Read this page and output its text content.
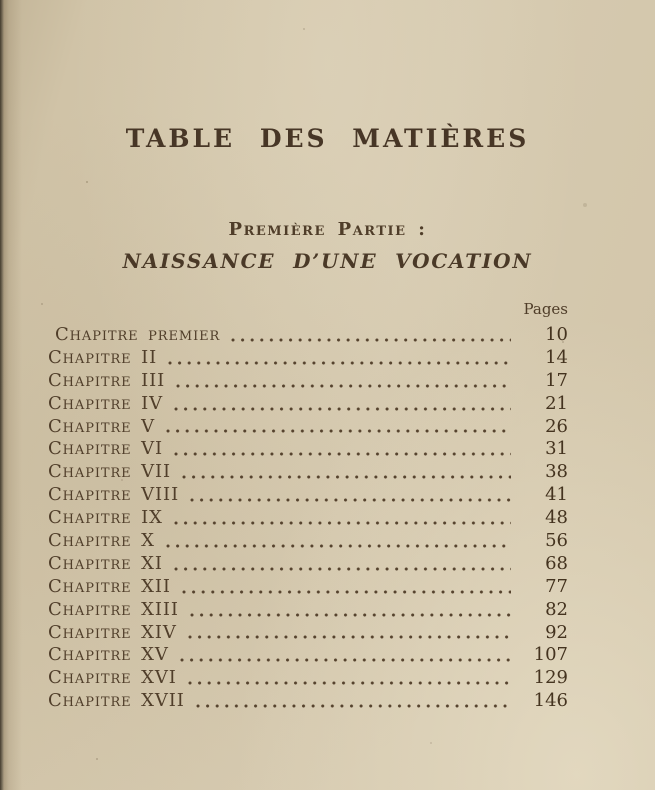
TABLE DES MATIÈRES
Première Partie :
NAISSANCE D’UNE VOCATION
Pages
Chapitre premier	10
Chapitre II	14
Chapitre III	17
Chapitre IV	21
Chapitre V	26
Chapitre VI	31
Chapitre VII	38
Chapitre VIII	41
Chapitre IX	48
Chapitre X	56
Chapitre XI	68
Chapitre XII	77
Chapitre XIII	82
Chapitre XIV	92
Chapitre XV	107
Chapitre XVI	129
Chapitre XVII	146
